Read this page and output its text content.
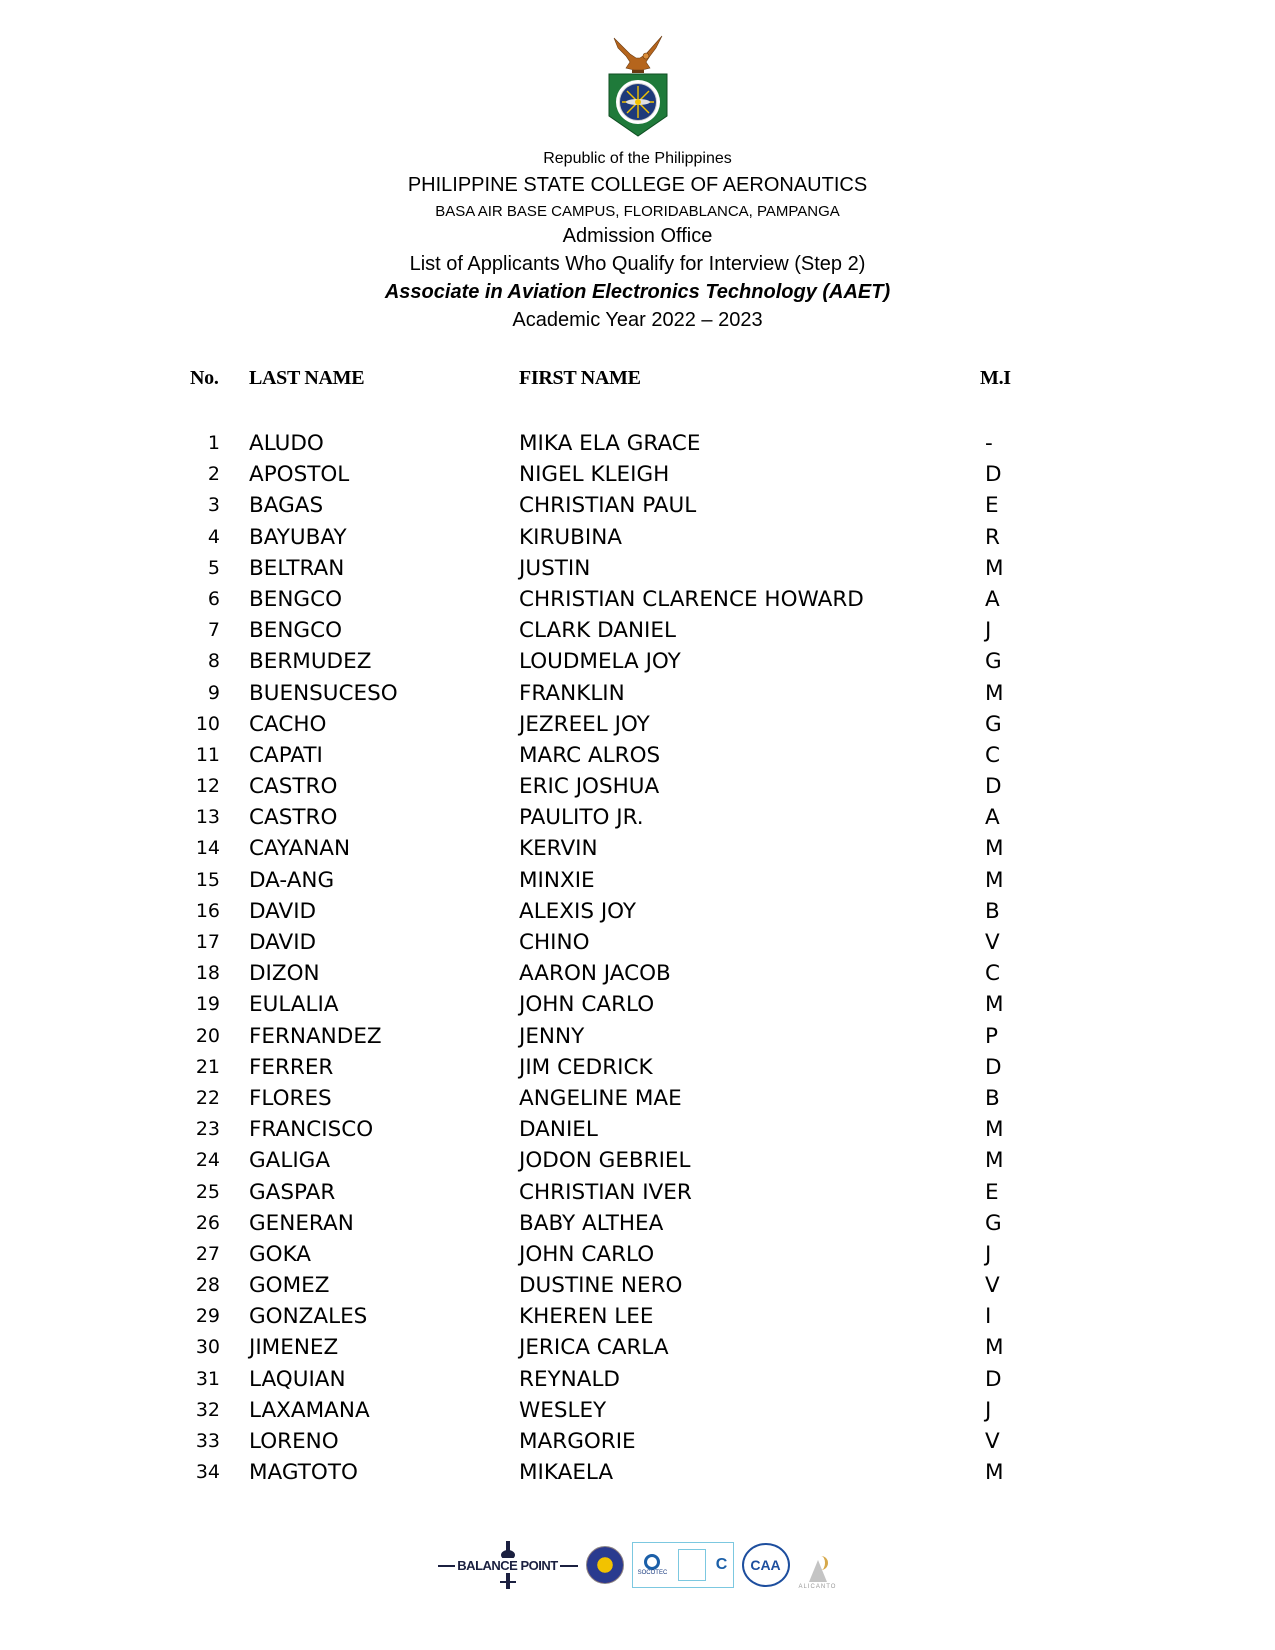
Republic of the Philippines
PHILIPPINE STATE COLLEGE OF AERONAUTICS
BASA AIR BASE CAMPUS, FLORIDABLANCA, PAMPANGA
Admission Office
List of Applicants Who Qualify for Interview (Step 2)
Associate in Aviation Electronics Technology (AAET)
Academic Year 2022 – 2023
No. LAST NAME	FIRST NAME	M.I
1 ALUDO	MIKA ELA GRACE	-
2 APOSTOL	NIGEL KLEIGH	D
3 BAGAS	CHRISTIAN PAUL	E
4 BAYUBAY	KIRUBINA	R
5 BELTRAN	JUSTIN	M
6 BENGCO	CHRISTIAN CLARENCE HOWARD	A
7 BENGCO	CLARK DANIEL	J
8 BERMUDEZ	LOUDMELA JOY	G
9 BUENSUCESO	FRANKLIN	M
10 CACHO	JEZREEL JOY	G
11 CAPATI	MARC ALROS	C
12 CASTRO	ERIC JOSHUA	D
13 CASTRO	PAULITO JR.	A
14 CAYANAN	KERVIN	M
15 DA-ANG	MINXIE	M
16 DAVID	ALEXIS JOY	B
17 DAVID	CHINO	V
18 DIZON	AARON JACOB	C
19 EULALIA	JOHN CARLO	M
20 FERNANDEZ	JENNY	P
21 FERRER	JIM CEDRICK	D
22 FLORES	ANGELINE MAE	B
23 FRANCISCO	DANIEL	M
24 GALIGA	JODON GEBRIEL	M
25 GASPAR	CHRISTIAN IVER	E
26 GENERAN	BABY ALTHEA	G
27 GOKA	JOHN CARLO	J
28 GOMEZ	DUSTINE NERO	V
29 GONZALES	KHEREN LEE	I
30 JIMENEZ	JERICA CARLA	M
31 LAQUIAN	REYNALD	D
32 LAXAMANA	WESLEY	J
33 LORENO	MARGORIE	V
34 MAGTOTO	MIKAELA	M
BALANCE POINT
SOCOTEC	C CAA
ALICANTO
